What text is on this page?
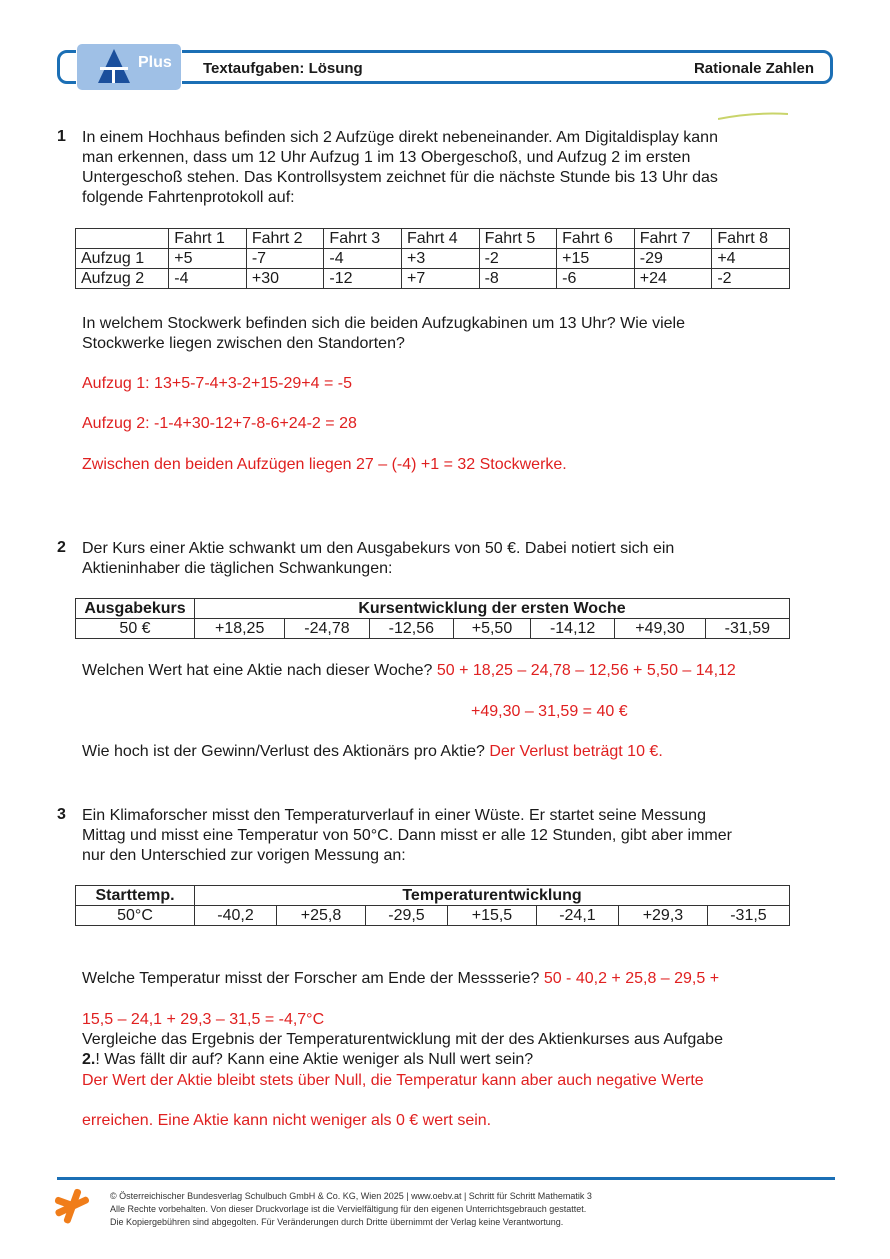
Plus Textaufgaben: Lösung	Rationale Zahlen
1 In einem Hochhaus befinden sich 2 Aufzüge direkt nebeneinander. Am Digitaldisplay kann
man erkennen, dass um 12 Uhr Aufzug 1 im 13 Obergeschoß, und Aufzug 2 im ersten
Untergeschoß stehen. Das Kontrollsystem zeichnet für die nächste Stunde bis 13 Uhr das
folgende Fahrtenprotokoll auf:
	Fahrt 1	Fahrt 2	Fahrt 3	Fahrt 4	Fahrt 5	Fahrt 6	Fahrt 7	Fahrt 8
Aufzug 1	+5	-7	-4	+3	-2	+15	-29	+4
Aufzug 2	-4	+30	-12	+7	-8	-6	+24	-2
In welchem Stockwerk befinden sich die beiden Aufzugkabinen um 13 Uhr? Wie viele
Stockwerke liegen zwischen den Standorten?
Aufzug 1: 13+5-7-4+3-2+15-29+4 = -5
Aufzug 2: -1-4+30-12+7-8-6+24-2 = 28
Zwischen den beiden Aufzügen liegen 27 – (-4) +1 = 32 Stockwerke.
2 Der Kurs einer Aktie schwankt um den Ausgabekurs von 50 €. Dabei notiert sich ein
Aktieninhaber die täglichen Schwankungen:
Ausgabekurs	Kursentwicklung der ersten Woche						
50 €	+18,25	-24,78	-12,56	+5,50	-14,12	+49,30	-31,59
Welchen Wert hat eine Aktie nach dieser Woche? 50 + 18,25 – 24,78 – 12,56 + 5,50 – 14,12
+49,30 – 31,59 = 40 €
Wie hoch ist der Gewinn/Verlust des Aktionärs pro Aktie? Der Verlust beträgt 10 €.
3 Ein Klimaforscher misst den Temperaturverlauf in einer Wüste. Er startet seine Messung
Mittag und misst eine Temperatur von 50°C. Dann misst er alle 12 Stunden, gibt aber immer
nur den Unterschied zur vorigen Messung an:
Starttemp.	Temperaturentwicklung						
50°C	-40,2	+25,8	-29,5	+15,5	-24,1	+29,3	-31,5
Welche Temperatur misst der Forscher am Ende der Messserie? 50 - 40,2 + 25,8 – 29,5 +
15,5 – 24,1 + 29,3 – 31,5 = -4,7°C
Vergleiche das Ergebnis der Temperaturentwicklung mit der des Aktienkurses aus Aufgabe
2.! Was fällt dir auf? Kann eine Aktie weniger als Null wert sein?
Der Wert der Aktie bleibt stets über Null, die Temperatur kann aber auch negative Werte
erreichen. Eine Aktie kann nicht weniger als 0 € wert sein.
© Österreichischer Bundesverlag Schulbuch GmbH & Co. KG, Wien 2025 | www.oebv.at | Schritt für Schritt Mathematik 3
Alle Rechte vorbehalten. Von dieser Druckvorlage ist die Vervielfältigung für den eigenen Unterrichtsgebrauch gestattet.
Die Kopiergebühren sind abgegolten. Für Veränderungen durch Dritte übernimmt der Verlag keine Verantwortung.
